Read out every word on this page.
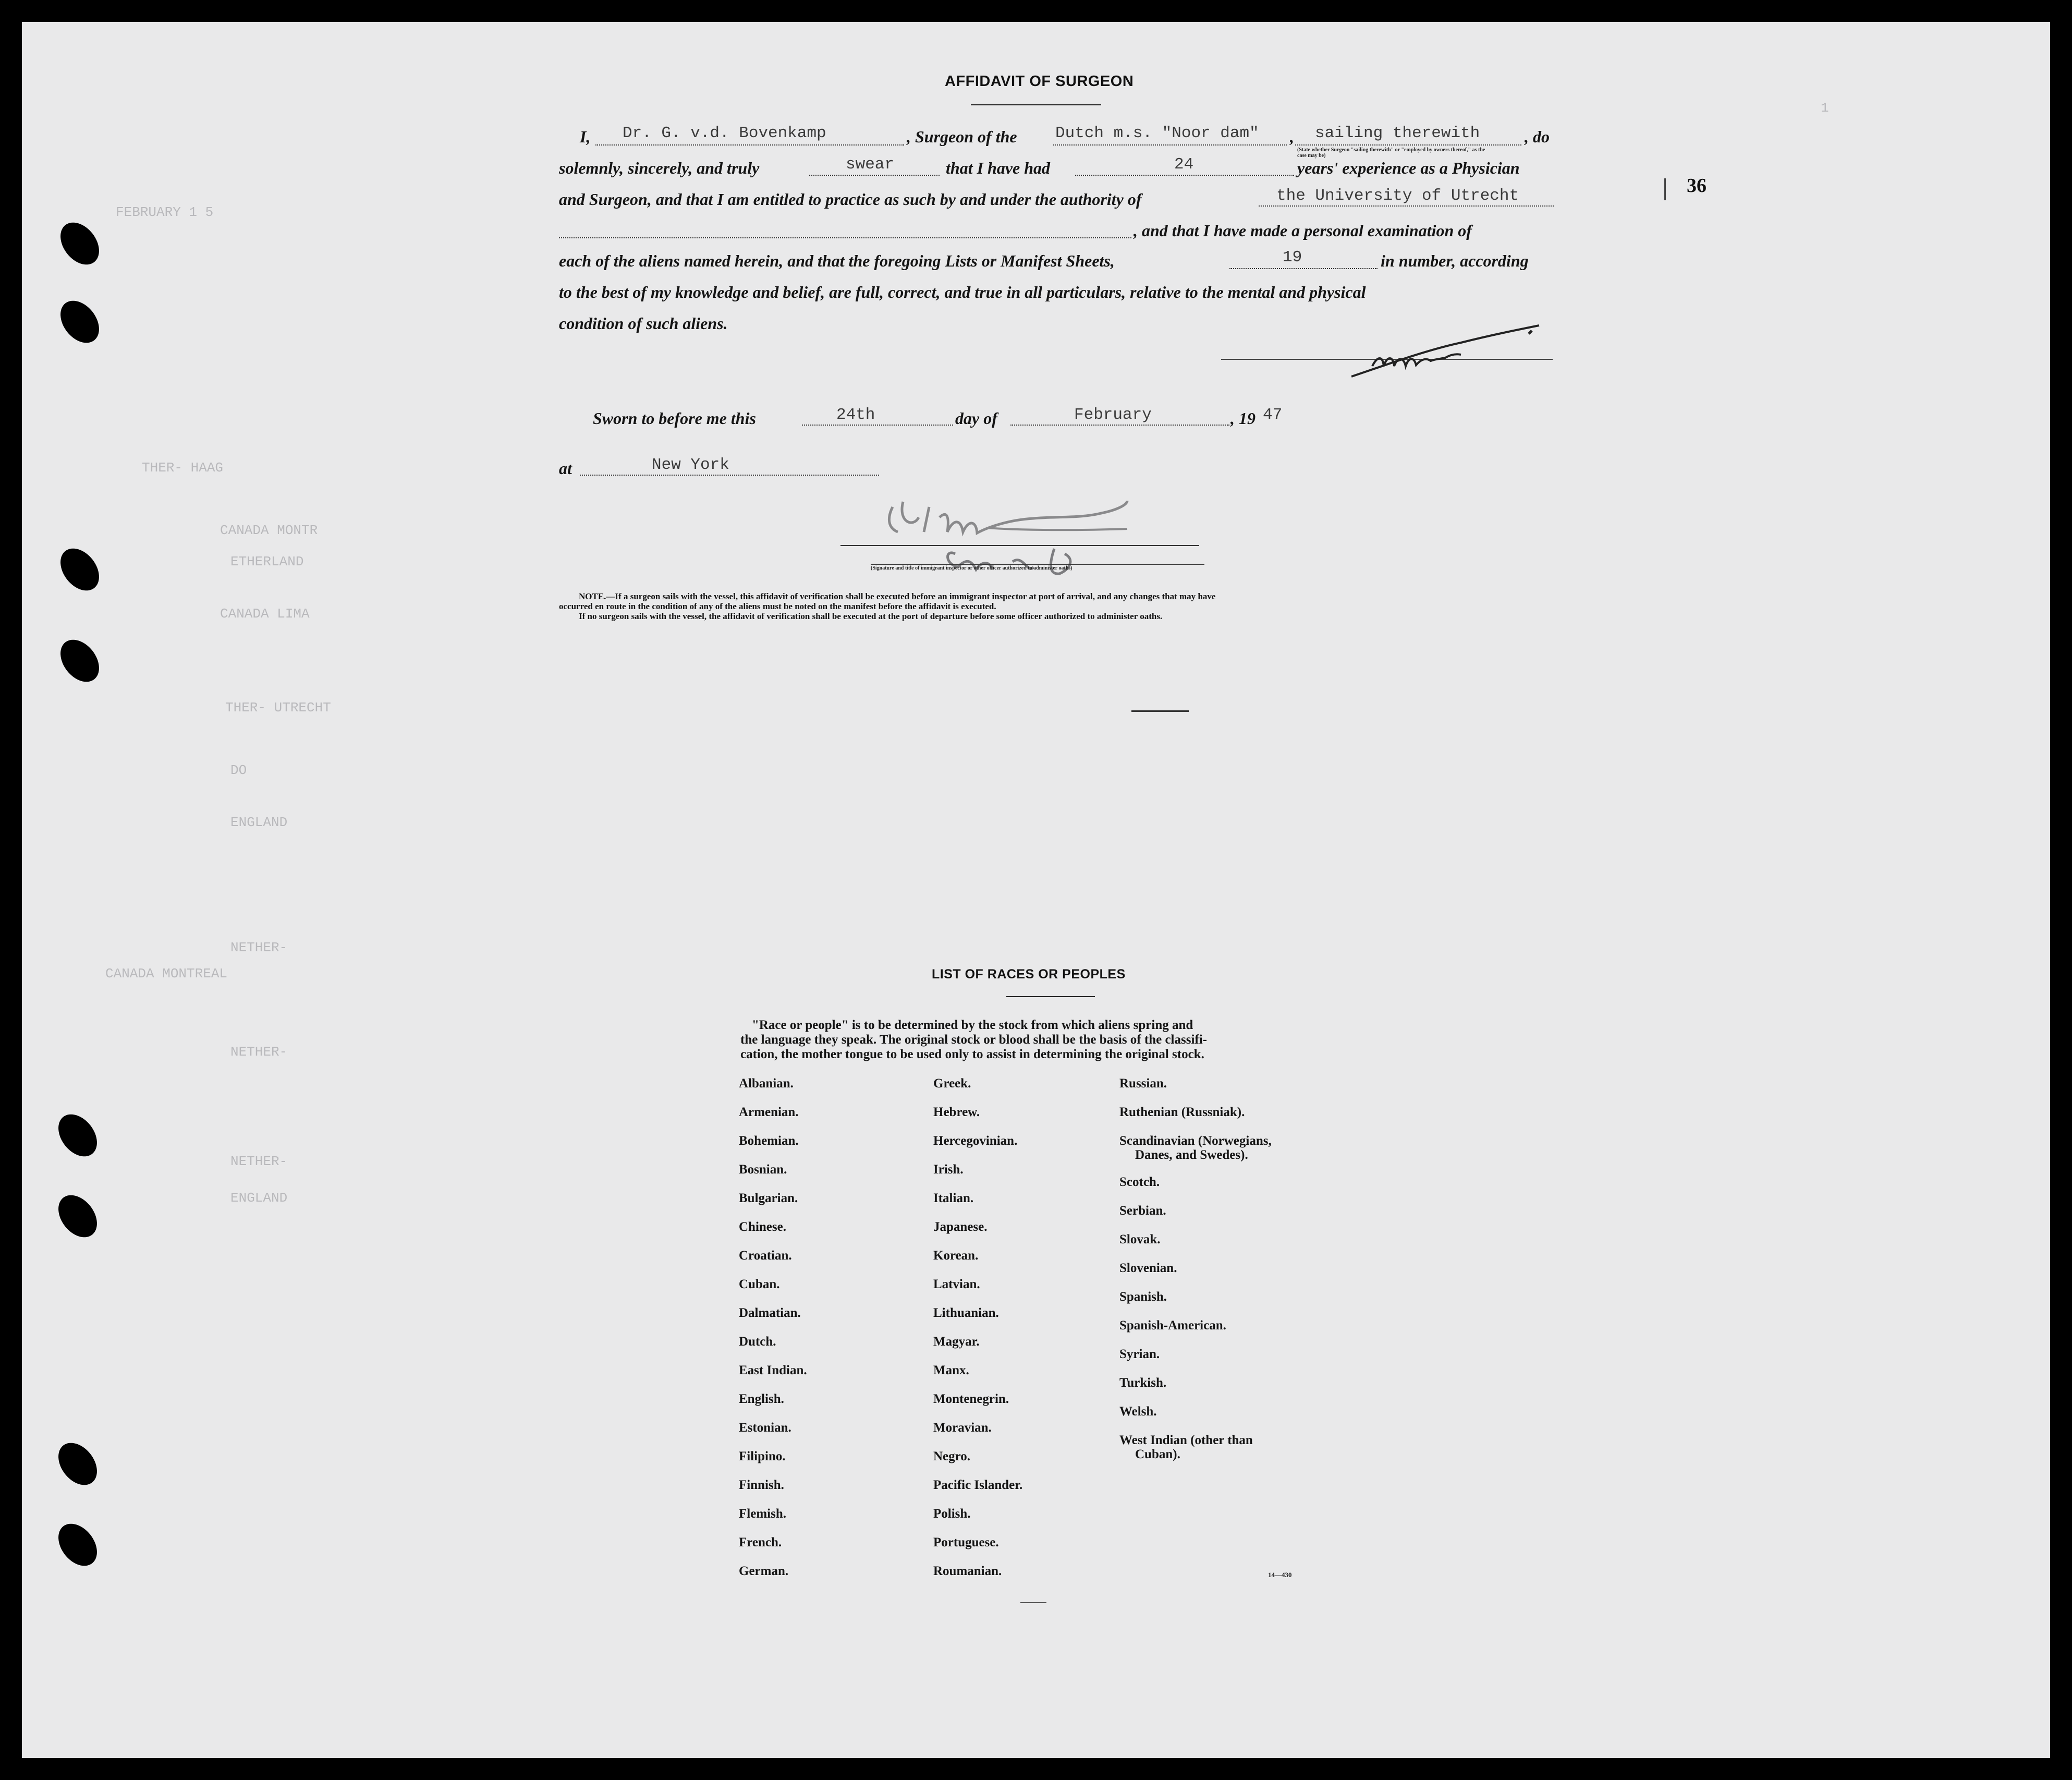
FEBRUARY 1 5
THER- HAAG
CANADA MONTR
ETHERLAND
CANADA LIMA
THER- UTRECHT
DO
ENGLAND
NETHER-
CANADA MONTREAL
NETHER-
NETHER-
ENGLAND
1
36
AFFIDAVIT OF SURGEON
I, Dr. G. v.d. Bovenkamp	, Surgeon of the Dutch m.s. "Noor dam" , sailing therewith	, do
(State whether Surgeon "sailing therewith" or "employed by owners thereof," as the case may be)
solemnly, sincerely, and truly	swear	that I have had	24	years' experience as a Physician
and Surgeon, and that I am entitled to practice as such by and under the authority of	the University of Utrecht
, and that I have made a personal examination of
each of the aliens named herein, and that the foregoing Lists or Manifest Sheets,	19	in number, according
to the best of my knowledge and belief, are full, correct, and true in all particulars, relative to the mental and physical
condition of such aliens.
Sworn to before me this	24th	day of	February	, 19 47
at	New York
(Signature and title of immigrant inspector or other officer authorized to administer oaths)
NOTE.—If a surgeon sails with the vessel, this affidavit of verification shall be executed before an immigrant inspector at port of arrival, and any changes that may have
occurred en route in the condition of any of the aliens must be noted on the manifest before the affidavit is executed.
If no surgeon sails with the vessel, the affidavit of verification shall be executed at the port of departure before some officer authorized to administer oaths.
LIST OF RACES OR PEOPLES
"Race or people" is to be determined by the stock from which aliens spring and
the language they speak. The original stock or blood shall be the basis of the classifi-
cation, the mother tongue to be used only to assist in determining the original stock.
Albanian.
Armenian.
Bohemian.
Bosnian.
Bulgarian.
Chinese.
Croatian.
Cuban.
Dalmatian.
Dutch.
East Indian.
English.
Estonian.
Filipino.
Finnish.
Flemish.
French.
German.
Greek.
Hebrew.
Hercegovinian.
Irish.
Italian.
Japanese.
Korean.
Latvian.
Lithuanian.
Magyar.
Manx.
Montenegrin.
Moravian.
Negro.
Pacific Islander.
Polish.
Portuguese.
Roumanian.
Russian.
Ruthenian (Russniak).
Scandinavian (Norwegians,
Danes, and Swedes).
Scotch.
Serbian.
Slovak.
Slovenian.
Spanish.
Spanish-American.
Syrian.
Turkish.
Welsh.
West Indian (other than
Cuban).
14—430
